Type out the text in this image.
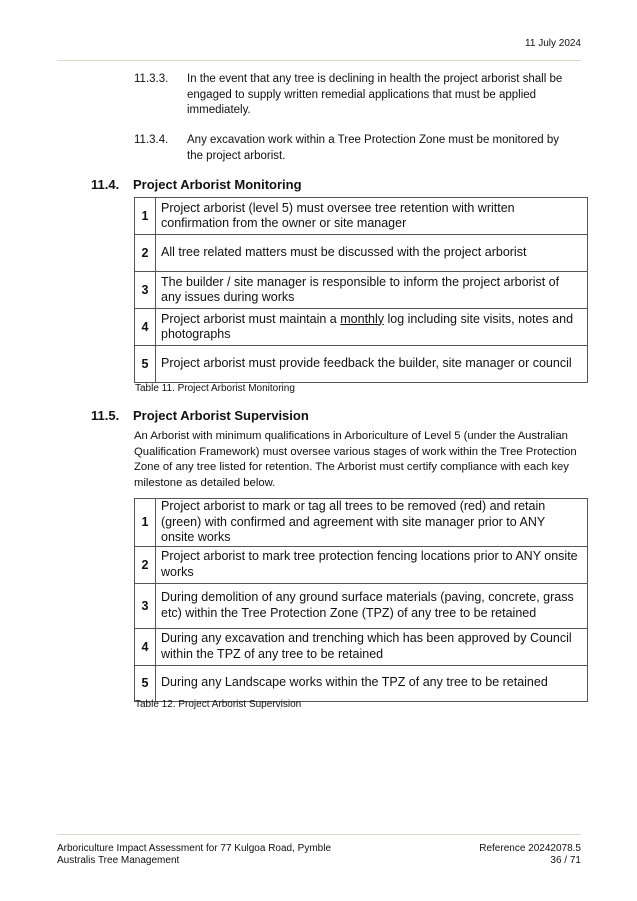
11 July 2024
11.3.3.	In the event that any tree is declining in health the project arborist shall be engaged to supply written remedial applications that must be applied immediately.
11.3.4.	Any excavation work within a Tree Protection Zone must be monitored by the project arborist.
11.4. Project Arborist Monitoring
1	Project arborist (level 5) must oversee tree retention with written confirmation from the owner or site manager
2	All tree related matters must be discussed with the project arborist
3	The builder / site manager is responsible to inform the project arborist of any issues during works
4	Project arborist must maintain a monthly log including site visits, notes and photographs
5	Project arborist must provide feedback the builder, site manager or council
Table 11. Project Arborist Monitoring
11.5. Project Arborist Supervision
An Arborist with minimum qualifications in Arboriculture of Level 5 (under the Australian Qualification Framework) must oversee various stages of work within the Tree Protection Zone of any tree listed for retention. The Arborist must certify compliance with each key milestone as detailed below.
1	Project arborist to mark or tag all trees to be removed (red) and retain (green) with confirmed and agreement with site manager prior to ANY onsite works
2	Project arborist to mark tree protection fencing locations prior to ANY onsite works
3	During demolition of any ground surface materials (paving, concrete, grass etc) within the Tree Protection Zone (TPZ) of any tree to be retained
4	During any excavation and trenching which has been approved by Council within the TPZ of any tree to be retained
5	During any Landscape works within the TPZ of any tree to be retained
Table 12. Project Arborist Supervision
Arboriculture Impact Assessment for 77 Kulgoa Road, Pymble
Australis Tree Management
Reference 20242078.5
36 / 71
